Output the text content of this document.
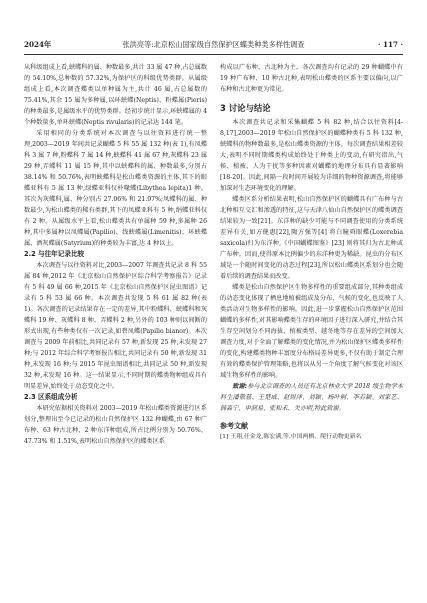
2024年	张洪亮等:北京松山国家级自然保护区蝶类种类多样性调查	· 117 ·

从科级组成上看,蛱蝶科的属、种数最多,共计 33 属 47 种,占总属数的 54.10%,总种数的 57.32%,为保护区的科级优势类群。从属级组成上看,本次调查蝶类以单种属为主,共计 46 属,占总属数的 75.41%,其余 15 属为多种属,以环蛱蝶(Neptis)、粉蝶属(Pieris)的种类最多,是属级水平的优势类群。经初步统计显示,环蛱蝶属的 4 个种数量多,单环蛱蝶(Neptis rivularis)的记录达 144 笔。

采用相同的分类系统对本次调查与以往资料进行统一整理,2003—2019 年间共记录蝴蝶 5 科 55 属 132 种(表 1),有凤蝶科 3 属 7 种,粉蝶科 7 属 14 种,蛱蝶科 41 属 67 种,灰蝶科 23 属 29 种,弄蝶科 11 属 15 种,其中以蛱蝶科的属、种数最多,分别占 38.14% 和 50.76%,表明蛱蝶科是松山蝶类资源的主体,其下的眼蝶亚科有 5 属 13 种,绿蝶亚科仅朴喙蝶(Libythea lepita)1 种。其次为灰蝶科,属、种分别占 27.06% 和 21.97%;凤蝶科的属、种数最少,为松山蝶类的稀有类群,其下的凤蝶亚科有 5 种,绢蝶亚科仅有 2 种。从属级水平上看,松山蝶类共有单属种 59 种,多属种 26 种,其中多属种以凤蝶属(Papilio)、线蛱蝶属(Limenitis)、环蛱蝶属、洒灰蝶属(Satyrium)的种类较为丰富,达 4 种以上。

2.2 与往年记录比较

本次调查与以往资料对比,2003—2007 年调查共记录 8 科 55 属 84 种,2012 年《北京松山自然保护区综合科学考察报告》记录有 5 科 49 属 66 种,2015 年《北京松山自然保护区昆虫图谱》记录有 5 科 53 属 66 种。本次调查共发现 5 科 61 属 82 种(表 1)。各次调查的记录结果存在一定的差异,其中粉蝶科、蛱蝶科和灰蝶科 19 种、灰蝶科 8 种、弄蝶科 2 种,另外的 103 种则以间断的形式出现,有些种类仅有一次记录,如碧凤蝶(Papilio bianor)。本次调查与 2009 年前相比,共同记录有 57 种,新发现 25 种,未发现 27 种;与 2012 年综合科学考察报告相比,共同记录有 50 种,新发现 31 种,未发现 16 种;与 2015 年昆虫图谱相比,共同记录 50 种,新发现 32 种,未发现 16 种。这一结果显示,不同时期的蝶类物种组成具有明显差异,始终处于动态变化之中。

2.3 区系组成分析

本研究依据相关资料对 2003—2019 年松山蝶类资源进行区系划分,整理出至今已记录的松山自然保护区 132 种蝴蝶,由 67 种广布种、63 种古北种、2 种东洋种组成,所占比例分别为 50.76%、47.73% 和 1.51%,表明松山自然保护区的蝶类区系

构成以广布种、古北种为主。各次调查均有记录的 29 种蝴蝶中有 19 种广布种、10 种古北种,表明松山蝶类的区系主要以偏向,以广布种和古北种更为常见。

3 讨论与结论

本次调查共记录和采集蝴蝶 5 科 82 种,结合以往资料[4-8,17],2003—2019 年松山自然保护区的蝴蝶种类有 5 科 132 种,蛱蝶科的物种数最多,是松山蝶类资源的主体。每次调查结果相差较大,表明不同时期蝶类构成始终处于种类上的变动,有研究指出,气候、植被、人为干扰等多种因素对蝴蝶的地理分布具有显著影响[18-20]。因此,间隔一段时间开展较为详细的物种资源调查,将能够加深对生态环境变化的理解。

蝶类区系分析结果表明,松山自然保护区的蝴蝶具有广布种与古北种相互交汇和渗透的特征,这与天津八仙山自然保护区的蝶类调查结果较为一致[21]。东洋种的缺少可能与不同调查使用的分类系统差异有关,如方健惠[22],陶方强等[4] 将白瞳舜眼蝶(Loxerebia saxicola)归为东洋种,《中国蝴蝶图鉴》[23] 则将其归为古北种或广布种。因而,使得原本比例偏少的东洋种更为稀缺。昆虫的分布区域是一个随时间变化的动态过程[23],所以松山蝶类区系划分也会随着后续的调查结果而改变。

蝶类是松山自然保护区生物多样性的重要组成部分,其种类组成的动态变化体现了栖息地植被组成及分布、气候的变化,也反映了人类活动对生物多样性的影响。因此,进一步掌握松山自然保护区范围蝴蝶的多样性,对其影响蝶类生存的环境因子进行深入研究,并结合其生存空间划分不同海拔、植被类型、越冬地等存在差异的空间加大调查力度,对于全面了解蝶类的变化情况,并为松山保护区蝶类多样性的变化,构建蝶类物种丰富度分布格局差异更多,不仅有助于制定合理有效的蝶类保护管理策略,也将以从另一个角度了解气候变化对该区域生物多样性的影响。

致谢:参与北京调查的人员还有北京林业大学 2018 级生物学本科生潘敬慈、王楚威、赵煜洋、刘颖、杨叶舸、李若颖、刘家艺、韩淼宁、申润易、张和禾、关亦明,特此致谢。

参考文献

[1] 王翔,任金龙,陈宏满,等.中国两栖、爬行动物更新名
